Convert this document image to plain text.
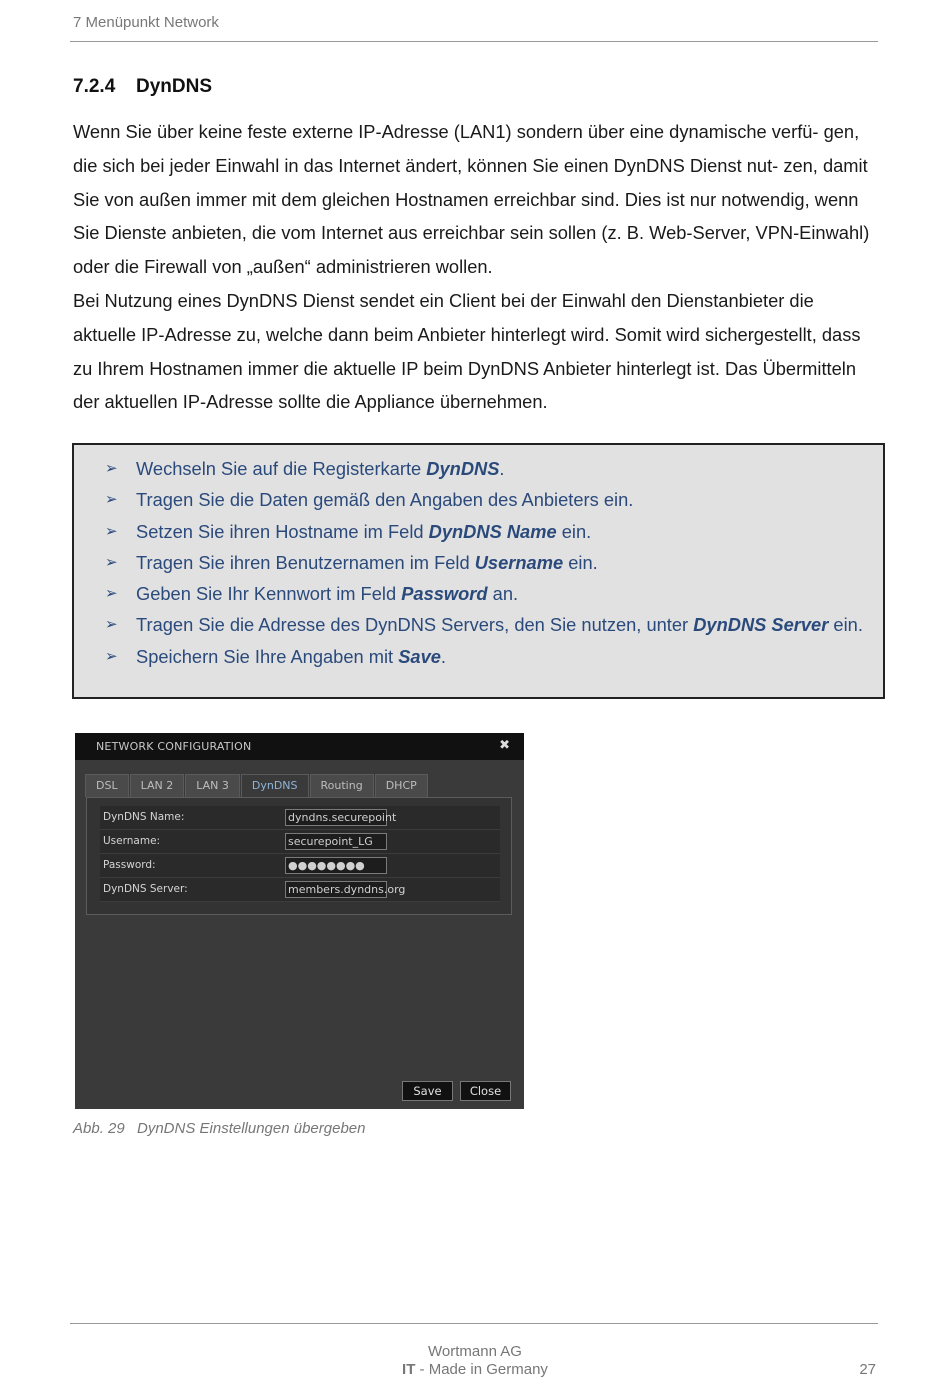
7 Menüpunkt Network
7.2.4 DynDNS

Wenn Sie über keine feste externe IP-Adresse (LAN1) sondern über eine dynamische verfü- gen, die sich bei jeder Einwahl in das Internet ändert, können Sie einen DynDNS Dienst nut- zen, damit Sie von außen immer mit dem gleichen Hostnamen erreichbar sind. Dies ist nur notwendig, wenn Sie Dienste anbieten, die vom Internet aus erreichbar sein sollen (z. B. Web-Server, VPN-Einwahl) oder die Firewall von „außen“ administrieren wollen.

Bei Nutzung eines DynDNS Dienst sendet ein Client bei der Einwahl den Dienstanbieter die aktuelle IP-Adresse zu, welche dann beim Anbieter hinterlegt wird. Somit wird sichergestellt, dass zu Ihrem Hostnamen immer die aktuelle IP beim DynDNS Anbieter hinterlegt ist. Das Übermitteln der aktuellen IP-Adresse sollte die Appliance übernehmen.

➢ Wechseln Sie auf die Registerkarte DynDNS.
➢ Tragen Sie die Daten gemäß den Angaben des Anbieters ein.
➢ Setzen Sie ihren Hostname im Feld DynDNS Name ein.
➢ Tragen Sie ihren Benutzernamen im Feld Username ein.
➢ Geben Sie Ihr Kennwort im Feld Password an.
➢ Tragen Sie die Adresse des DynDNS Servers, den Sie nutzen, unter DynDNS Server ein.
➢ Speichern Sie Ihre Angaben mit Save.
NETWORK CONFIGURATION	✖
DSL	LAN 2	LAN 3	DynDNS	Routing	DHCP
DynDNS Name:	dyndns.securepoint
Username:	securepoint_LG
Password:	●●●●●●●●
DynDNS Server:	members.dyndns.org
Save	Close
Abb. 29 DynDNS Einstellungen übergeben
Wortmann AG
IT - Made in Germany	27
